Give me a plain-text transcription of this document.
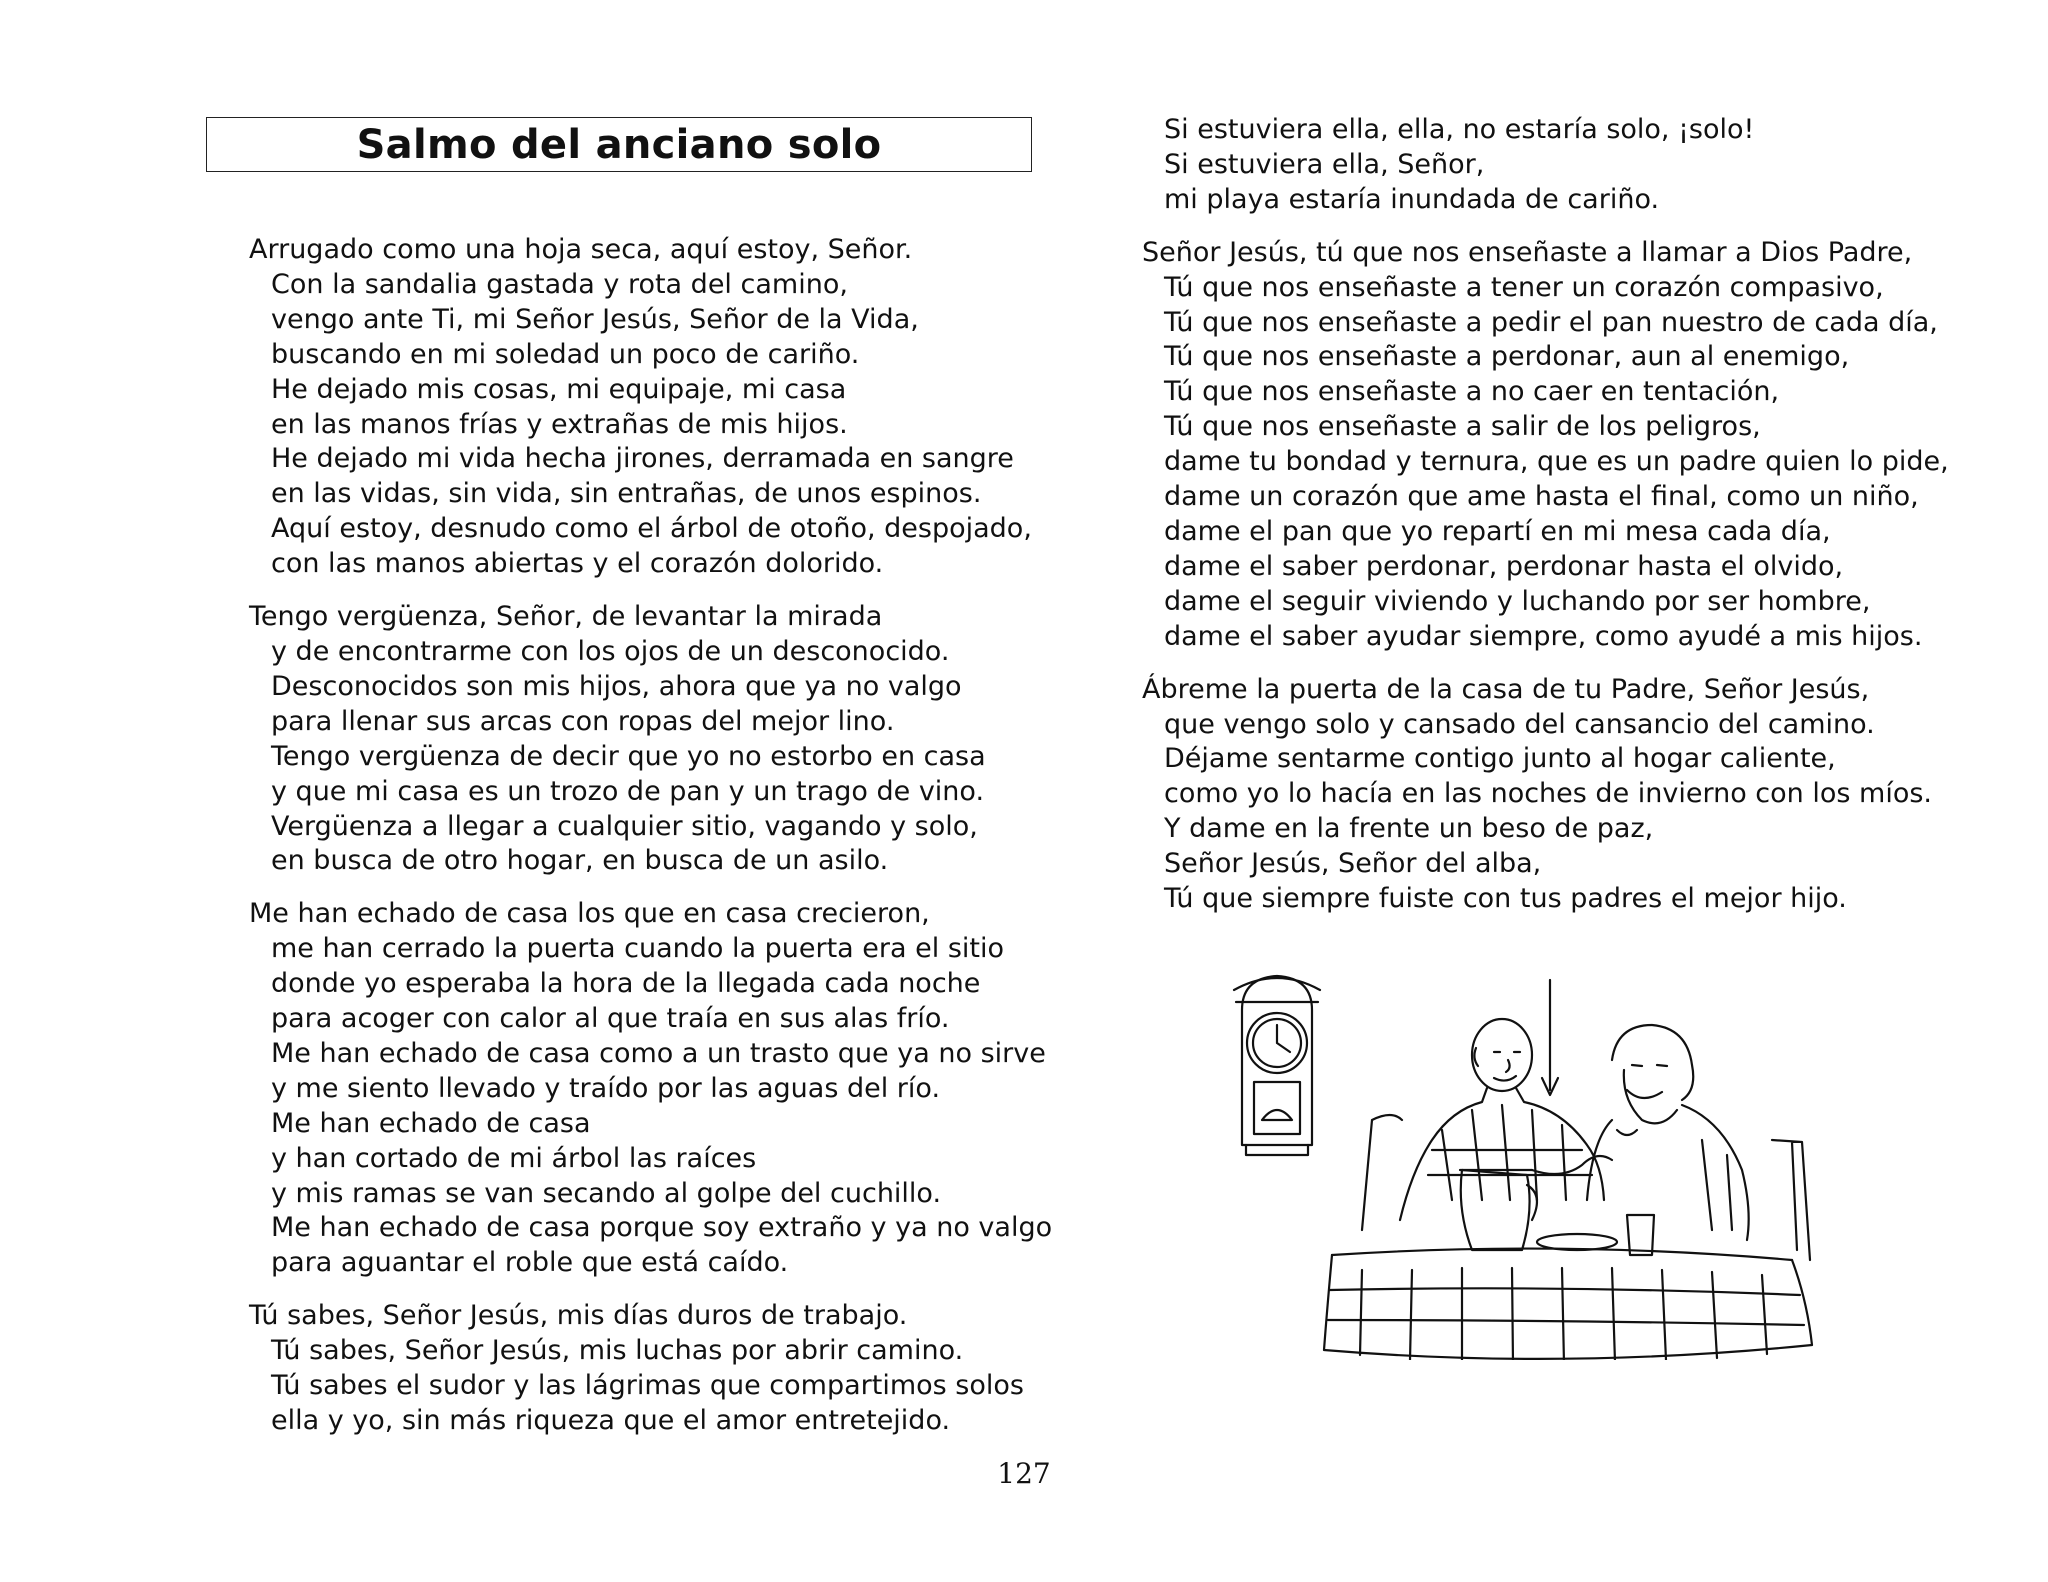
Salmo del anciano solo
Arrugado como una hoja seca, aquí estoy, Señor.
Con la sandalia gastada y rota del camino,
vengo ante Ti, mi Señor Jesús, Señor de la Vida,
buscando en mi soledad un poco de cariño.
He dejado mis cosas, mi equipaje, mi casa
en las manos frías y extrañas de mis hijos.
He dejado mi vida hecha jirones, derramada en sangre
en las vidas, sin vida, sin entrañas, de unos espinos.
Aquí estoy, desnudo como el árbol de otoño, despojado,
con las manos abiertas y el corazón dolorido.
Tengo vergüenza, Señor, de levantar la mirada
y de encontrarme con los ojos de un desconocido.
Desconocidos son mis hijos, ahora que ya no valgo
para llenar sus arcas con ropas del mejor lino.
Tengo vergüenza de decir que yo no estorbo en casa
y que mi casa es un trozo de pan y un trago de vino.
Vergüenza a llegar a cualquier sitio, vagando y solo,
en busca de otro hogar, en busca de un asilo.
Me han echado de casa los que en casa crecieron,
me han cerrado la puerta cuando la puerta era el sitio
donde yo esperaba la hora de la llegada cada noche
para acoger con calor al que traía en sus alas frío.
Me han echado de casa como a un trasto que ya no sirve
y me siento llevado y traído por las aguas del río.
Me han echado de casa
y han cortado de mi árbol las raíces
y mis ramas se van secando al golpe del cuchillo.
Me han echado de casa porque soy extraño y ya no valgo
para aguantar el roble que está caído.
Tú sabes, Señor Jesús, mis días duros de trabajo.
Tú sabes, Señor Jesús, mis luchas por abrir camino.
Tú sabes el sudor y las lágrimas que compartimos solos
ella y yo, sin más riqueza que el amor entretejido.
Si estuviera ella, ella, no estaría solo, ¡solo!
Si estuviera ella, Señor,
mi playa estaría inundada de cariño.
Señor Jesús, tú que nos enseñaste a llamar a Dios Padre,
Tú que nos enseñaste a tener un corazón compasivo,
Tú que nos enseñaste a pedir el pan nuestro de cada día,
Tú que nos enseñaste a perdonar, aun al enemigo,
Tú que nos enseñaste a no caer en tentación,
Tú que nos enseñaste a salir de los peligros,
dame tu bondad y ternura, que es un padre quien lo pide,
dame un corazón que ame hasta el final, como un niño,
dame el pan que yo repartí en mi mesa cada día,
dame el saber perdonar, perdonar hasta el olvido,
dame el seguir viviendo y luchando por ser hombre,
dame el saber ayudar siempre, como ayudé a mis hijos.
Ábreme la puerta de la casa de tu Padre, Señor Jesús,
que vengo solo y cansado del cansancio del camino.
Déjame sentarme contigo junto al hogar caliente,
como yo lo hacía en las noches de invierno con los míos.
Y dame en la frente un beso de paz,
Señor Jesús, Señor del alba,
Tú que siempre fuiste con tus padres el mejor hijo.
127
